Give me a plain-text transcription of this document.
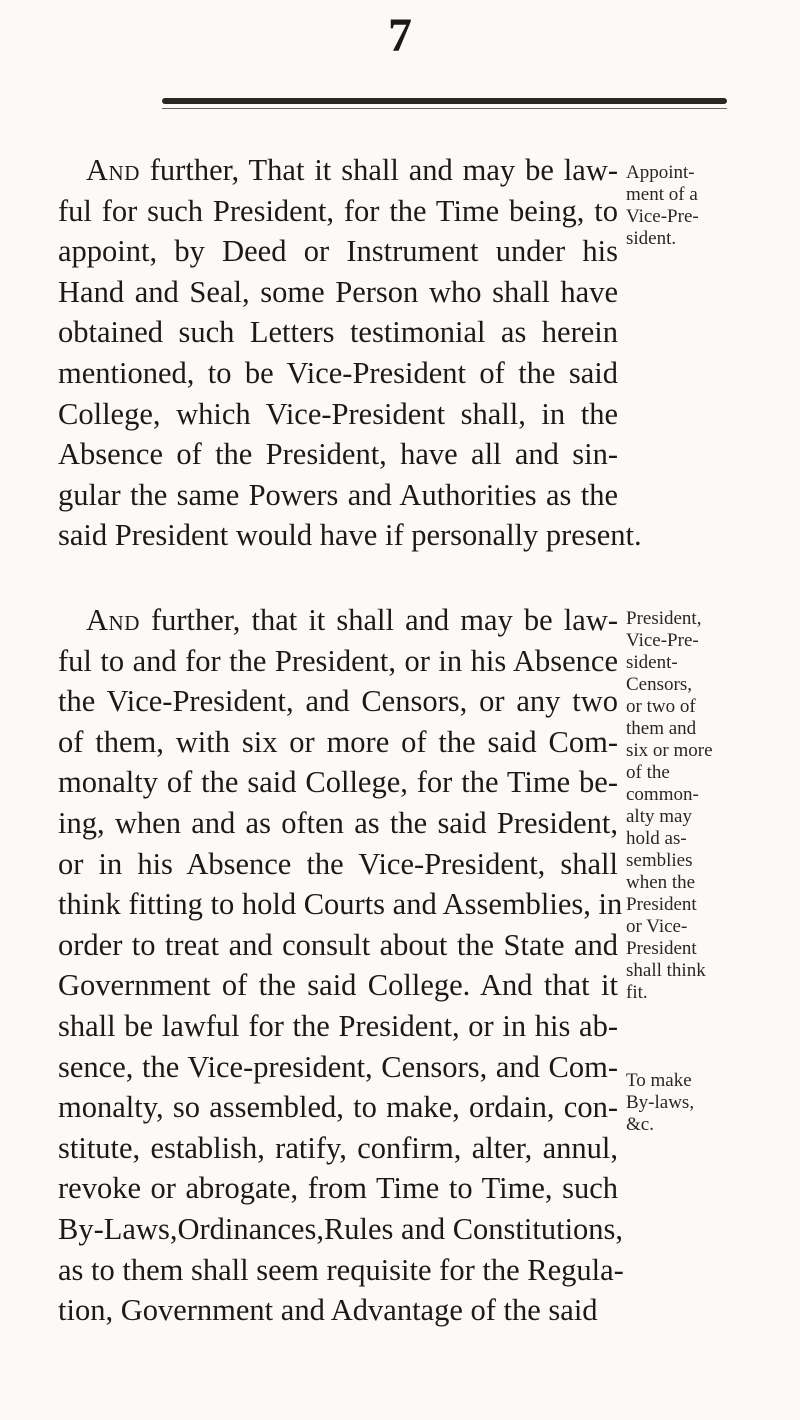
7
And further, That it shall and may be law-
ful for such President, for the Time being, to
appoint, by Deed or Instrument under his
Hand and Seal, some Person who shall have
obtained such Letters testimonial as herein
mentioned, to be Vice-President of the said
College, which Vice-President shall, in the
Absence of the President, have all and sin-
gular the same Powers and Authorities as the
said President would have if personally present.
Appoint-
ment of a
Vice-Pre-
sident.
And further, that it shall and may be law-
ful to and for the President, or in his Absence
the Vice-President, and Censors, or any two
of them, with six or more of the said Com-
monalty of the said College, for the Time be-
ing, when and as often as the said President,
or in his Absence the Vice-President, shall
think fitting to hold Courts and Assemblies, in
order to treat and consult about the State and
Government of the said College. And that it
shall be lawful for the President, or in his ab-
sence, the Vice-president, Censors, and Com-
monalty, so assembled, to make, ordain, con-
stitute, establish, ratify, confirm, alter, annul,
revoke or abrogate, from Time to Time, such
By-Laws,Ordinances,Rules and Constitutions,
as to them shall seem requisite for the Regula-
tion, Government and Advantage of the said
President,
Vice-Pre-
sident-
Censors,
or two of
them and
six or more
of the
common-
alty may
hold as-
semblies
when the
President
or Vice-
President
shall think
fit.

To make
By-laws,
&c.
